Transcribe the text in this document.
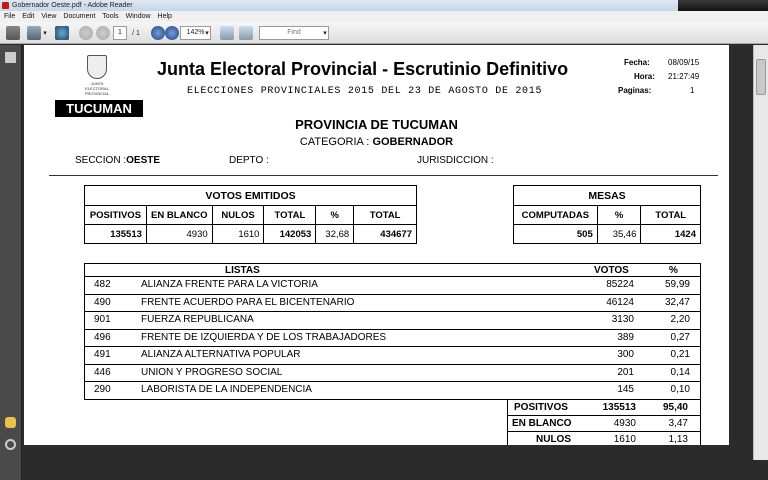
Gobernador Oeste.pdf - Adobe Reader
File Edit View Document Tools Window Help
▾	1	/ 1	142% ▾	Find	▾
JUNTA ELECTORAL PROVINCIAL
TUCUMAN
Junta Electoral Provincial - Escrutinio Definitivo
ELECCIONES PROVINCIALES 2015 DEL 23 DE AGOSTO DE 2015
Fecha: 08/09/15
Hora: 21:27:49
Paginas:	1
PROVINCIA DE TUCUMAN
CATEGORIA : GOBERNADOR
SECCION :OESTE	DEPTO :	JURISDICCION :
VOTOS EMITIDOS					
POSITIVOS	EN BLANCO	NULOS	TOTAL	%	TOTAL
135513	4930	1610	142053	32,68	434677
MESAS		
COMPUTADAS	%	TOTAL
505	35,46	1424
LISTAS	VOTOS	%
482	ALIANZA FRENTE PARA LA VICTORIA	85224	59,99
490	FRENTE ACUERDO PARA EL BICENTENARIO	46124	32,47
901	FUERZA REPUBLICANA	3130	2,20
496	FRENTE DE IZQUIERDA Y DE LOS TRABAJADORES	389	0,27
491	ALIANZA ALTERNATIVA POPULAR	300	0,21
446	UNION Y PROGRESO SOCIAL	201	0,14
290	LABORISTA DE LA INDEPENDENCIA	145	0,10
POSITIVOS	135513	95,40
EN BLANCO	4930	3,47
NULOS	1610	1,13
